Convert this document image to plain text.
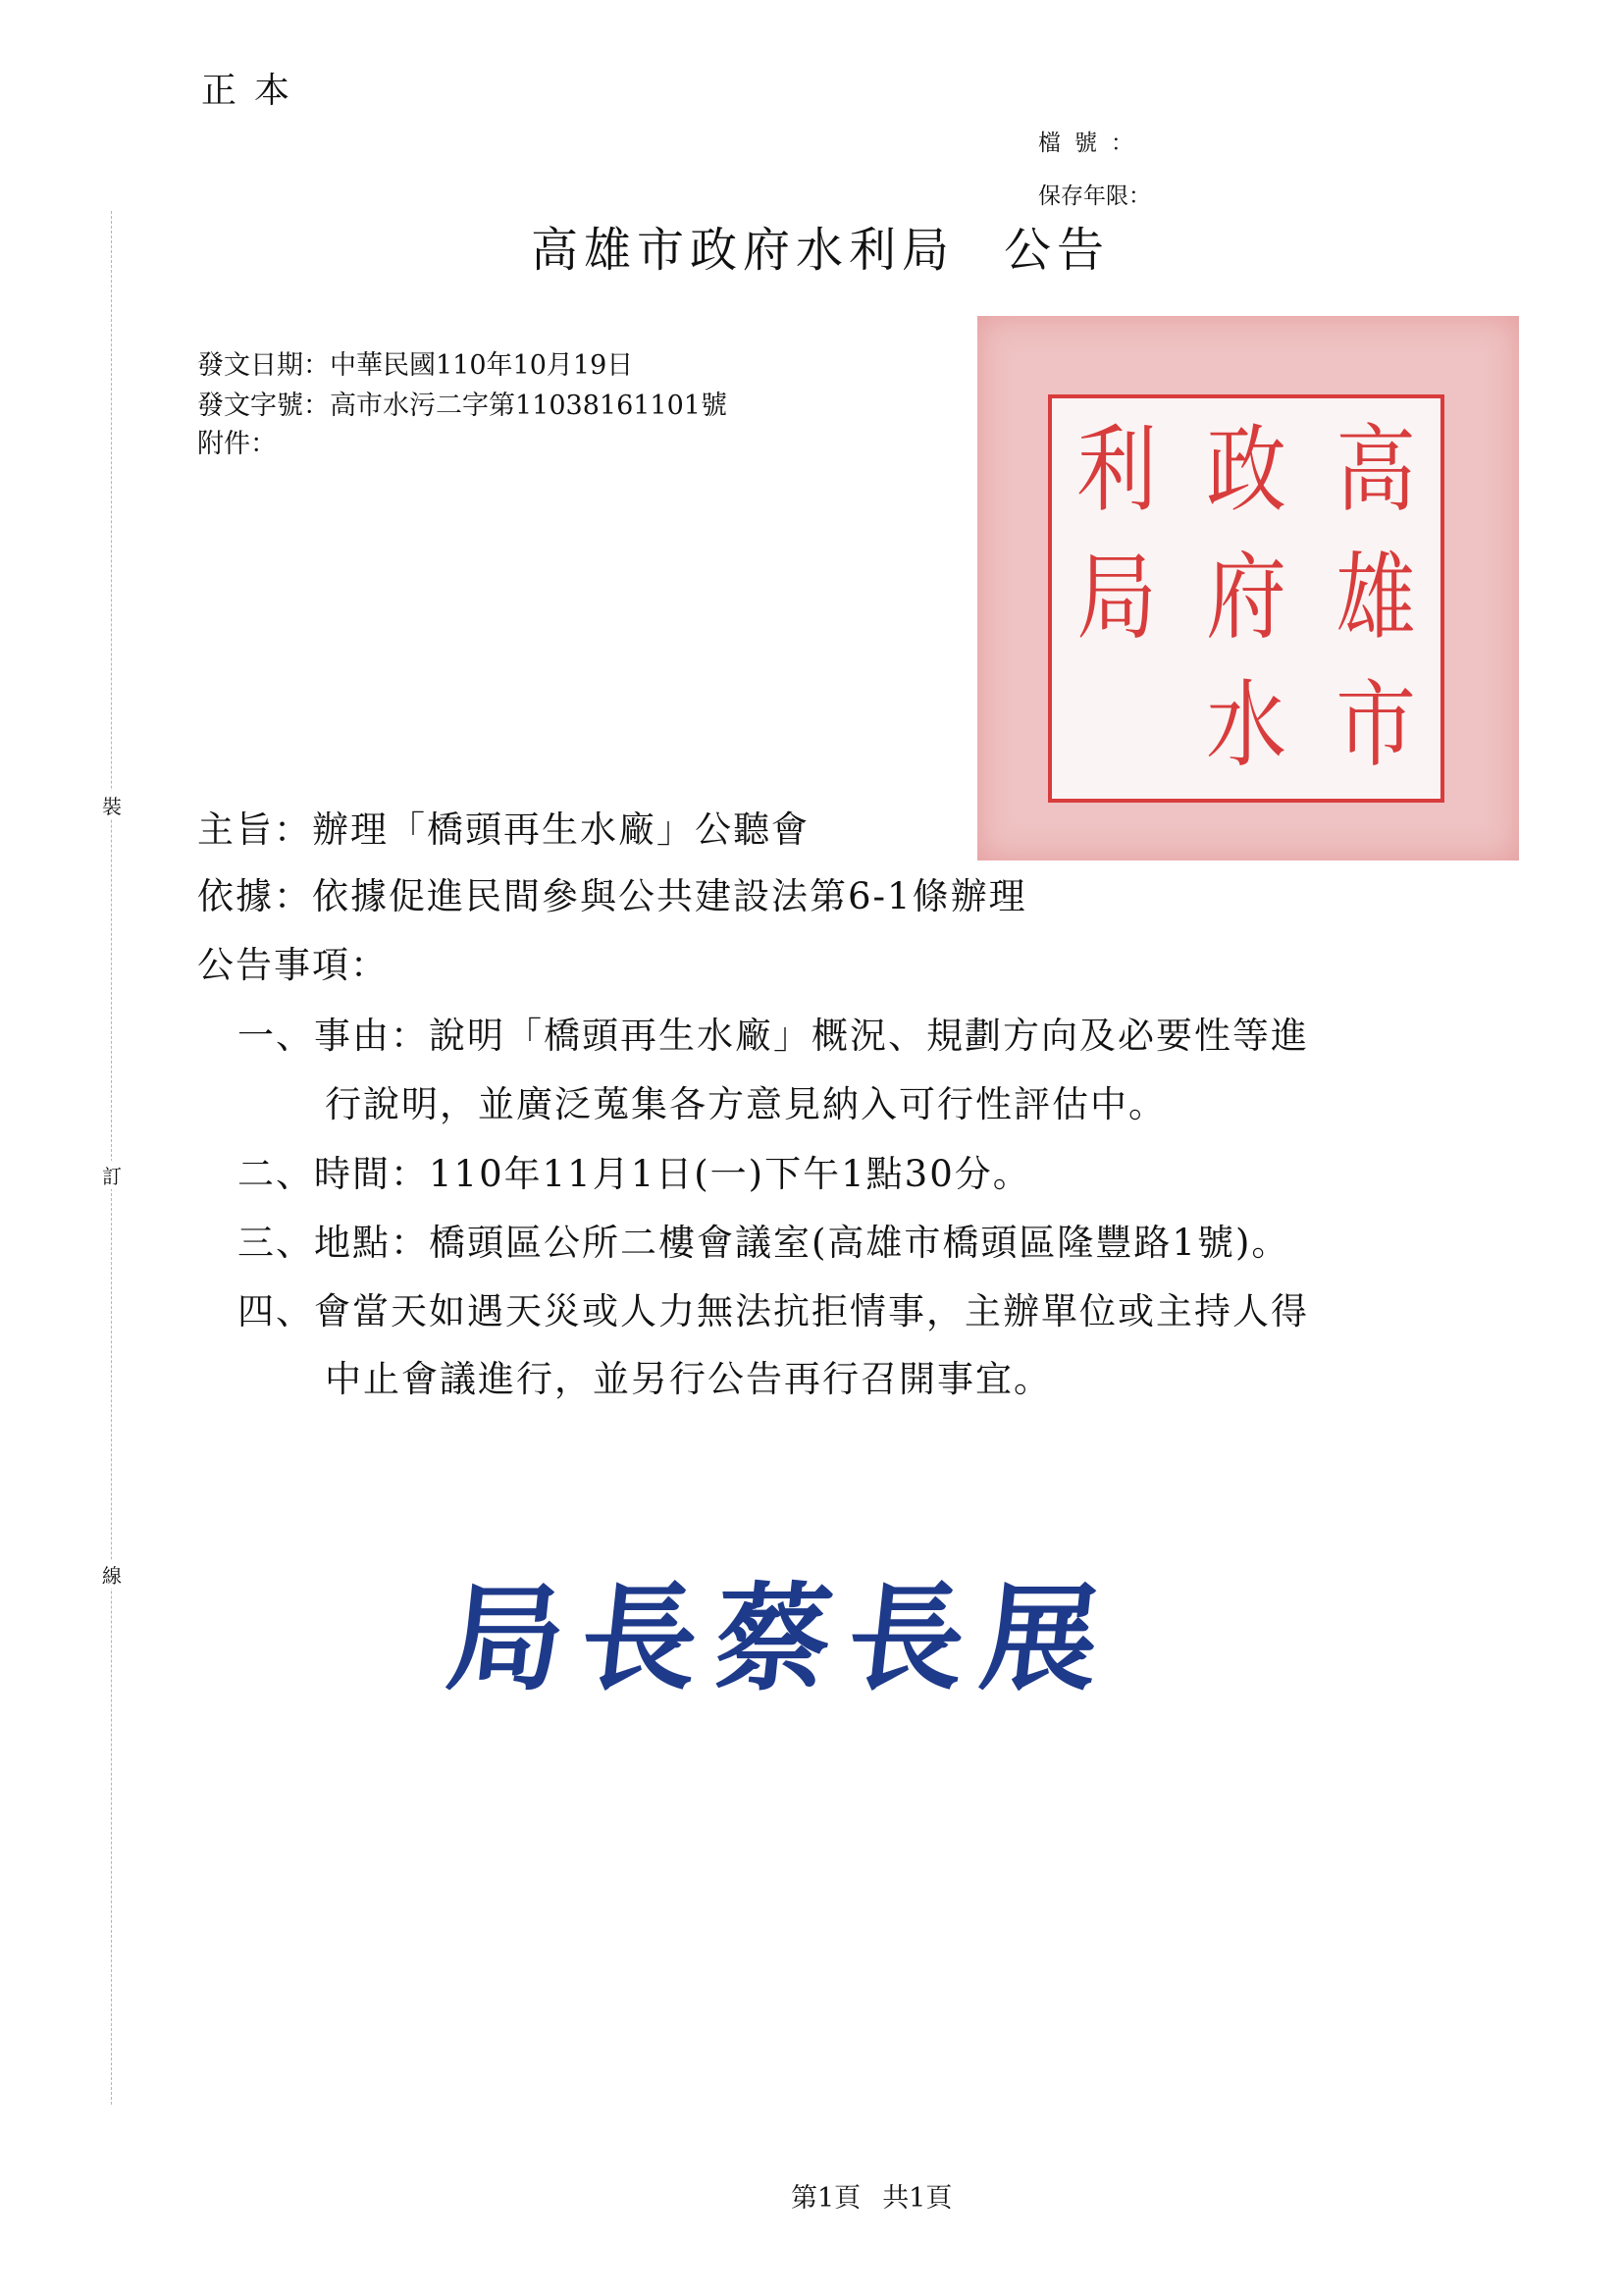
正本
檔號：
保存年限：
高雄市政府水利局 公告
發文日期：中華民國110年10月19日
發文字號：高市水污二字第11038161101號
附件：
裝
訂
線
高
雄
市
政
府
水
利
局
主旨：辦理「橋頭再生水廠」公聽會
依據：依據促進民間參與公共建設法第6-1條辦理
公告事項：
一、事由：說明「橋頭再生水廠」概況、規劃方向及必要性等進
行說明，並廣泛蒐集各方意見納入可行性評估中。
二、時間：110年11月1日(一)下午1點30分。
三、地點：橋頭區公所二樓會議室(高雄市橋頭區隆豐路1號)。
四、會當天如遇天災或人力無法抗拒情事，主辦單位或主持人得
中止會議進行，並另行公告再行召開事宜。
局長蔡長展
第1頁 共1頁
